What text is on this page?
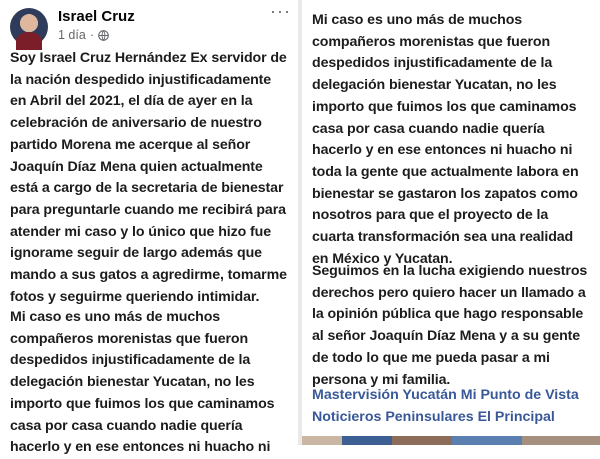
Israel Cruz
1 día ·
···
Soy Israel Cruz Hernández Ex servidor de la nación despedido injustificadamente en Abril del 2021, el día de ayer en la celebración de aniversario de nuestro partido Morena me acerque al señor Joaquín Díaz Mena quien actualmente está a cargo de la secretaria de bienestar para preguntarle cuando me recibirá para atender mi caso y lo único que hizo fue ignorame seguir de largo además que mando a sus gatos a agredirme, tomarme fotos y seguirme queriendo intimidar.
Mi caso es uno más de muchos compañeros morenistas que fueron despedidos injustificadamente de la delegación bienestar Yucatan, no les importo que fuimos los que caminamos casa por casa cuando nadie quería hacerlo y en ese entonces ni huacho ni
Mi caso es uno más de muchos compañeros morenistas que fueron despedidos injustificadamente de la delegación bienestar Yucatan, no les importo que fuimos los que caminamos casa por casa cuando nadie quería hacerlo y en ese entonces ni huacho ni toda la gente que actualmente labora en bienestar se gastaron los zapatos como nosotros para que el proyecto de la cuarta transformación sea una realidad en México y Yucatan.
Seguimos en la lucha exigiendo nuestros derechos pero quiero hacer un llamado a la opinión pública que hago responsable al señor Joaquín Díaz Mena y a su gente de todo lo que me pueda pasar a mi persona y mi familia.
Mastervisión Yucatán Mi Punto de Vista
Noticieros Peninsulares El Principal
